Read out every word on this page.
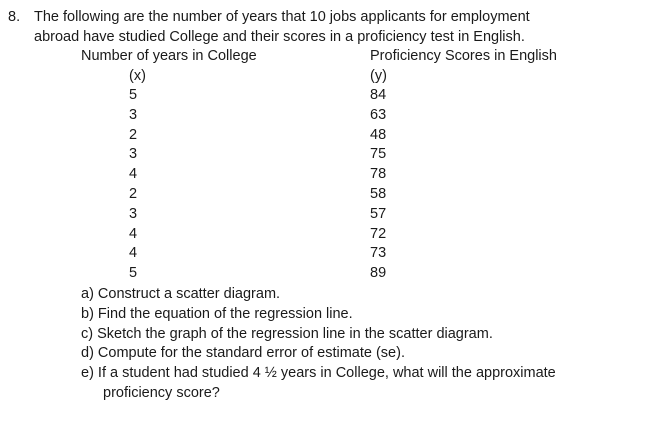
8. The following are the number of years that 10 jobs applicants for employment
abroad have studied College and their scores in a proficiency test in English.
Number of years in College	Proficiency Scores in English
(x)	(y)
5
3
2
3
4
2
3
4
4
5
84
63
48
75
78
58
57
72
73
89
a) Construct a scatter diagram.
b) Find the equation of the regression line.
c) Sketch the graph of the regression line in the scatter diagram.
d) Compute for the standard error of estimate (se).
e) If a student had studied 4 ½ years in College, what will the approximate
proficiency score?
